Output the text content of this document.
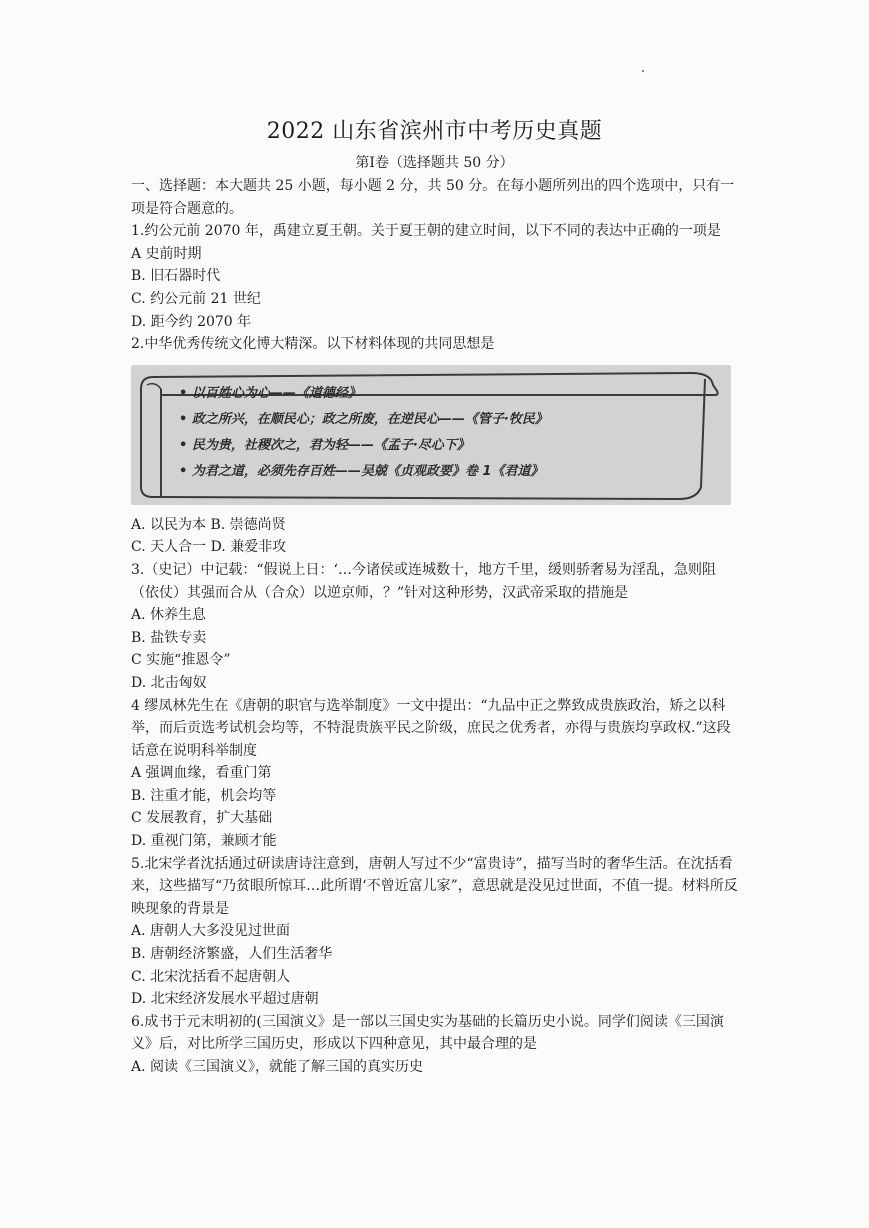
2022 山东省滨州市中考历史真题
第Ⅰ卷（选择题共 50 分）

一、选择题：本大题共 25 小题，每小题 2 分，共 50 分。在每小题所列出的四个选项中，只有一项是符合题意的。

1.约公元前 2070 年，禹建立夏王朝。关于夏王朝的建立时间，以下不同的表达中正确的一项是

A 史前时期

B. 旧石器时代

C. 约公元前 21 世纪

D. 距今约 2070 年

2.中华优秀传统文化博大精深。以下材料体现的共同思想是

• 以百姓心为心——《道德经》
• 政之所兴，在顺民心；政之所废，在逆民心——《管子·牧民》
• 民为贵，社稷次之，君为轻——《孟子·尽心下》
• 为君之道，必须先存百姓——吴兢《贞观政要》卷 1《君道》

A. 以民为本 B. 崇德尚贤

C. 天人合一 D. 兼爱非攻

3.（史记）中记载：“假说上日：‘…今诸侯或连城数十，地方千里，缓则骄奢易为淫乱，急则阻（依仗）其强而合从（合众）以逆京师，？”针对这种形势，汉武帝采取的措施是

A. 休养生息

B. 盐铁专卖

C 实施“推恩令”

D. 北击匈奴

4 缪凤林先生在《唐朝的职官与选举制度》一文中提出：“九品中正之弊致成贵族政治，矫之以科举，而后贡选考试机会均等，不特混贵族平民之阶级，庶民之优秀者，亦得与贵族均享政权.”这段话意在说明科举制度

A 强调血缘，看重门第

B. 注重才能，机会均等

C 发展教育，扩大基础

D. 重视门第，兼顾才能

5.北宋学者沈括通过研读唐诗注意到，唐朝人写过不少“富贵诗”，描写当时的奢华生活。在沈括看来，这些描写“乃贫眼所惊耳…此所谓‘不曾近富儿家”，意思就是没见过世面，不值一提。材料所反映现象的背景是

A. 唐朝人大多没见过世面

B. 唐朝经济繁盛，人们生活奢华

C. 北宋沈括看不起唐朝人

D. 北宋经济发展水平超过唐朝

6.成书于元末明初的(三国演义》是一部以三国史实为基础的长篇历史小说。同学们阅读《三国演义》后，对比所学三国历史，形成以下四种意见，其中最合理的是

A. 阅读《三国演义》，就能了解三国的真实历史
